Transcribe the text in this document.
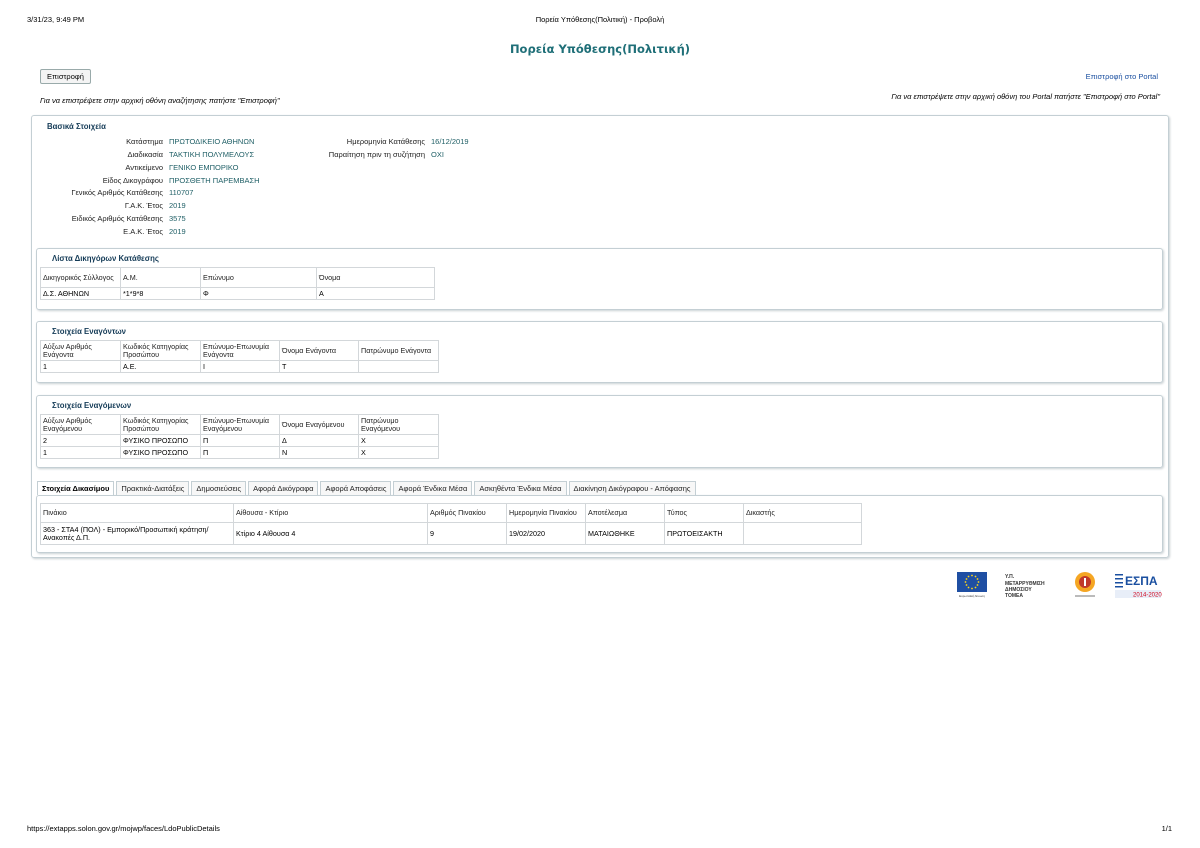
3/31/23, 9:49 PM	Πορεία Υπόθεσης(Πολιτική) - Προβολή
Πορεία Υπόθεσης(Πολιτική)
Επιστροφή	Επιστροφή στο Portal
Για να επιστρέψετε στην αρχική οθόνη αναζήτησης πατήστε "Επιστροφή"	Για να επιστρέψετε στην αρχική οθόνη του Portal πατήστε "Επιστροφή στο Portal"
Βασικά Στοιχεία
Κατάστημα ΠΡΩΤΟΔΙΚΕΙΟ ΑΘΗΝΩΝ
Διαδικασία ΤΑΚΤΙΚΗ ΠΟΛΥΜΕΛΟΥΣ
Αντικείμενο ΓΕΝΙΚΟ ΕΜΠΟΡΙΚΟ
Είδος Δικογράφου ΠΡΟΣΘΕΤΗ ΠΑΡΕΜΒΑΣΗ
Γενικός Αριθμός Κατάθεσης 110707
Γ.Α.Κ. Έτος 2019
Ειδικός Αριθμός Κατάθεσης 3575
Ε.Α.Κ. Έτος 2019
Ημερομηνία Κατάθεσης 16/12/2019
Παραίτηση πριν τη συζήτηση ΟΧΙ
Λίστα Δικηγόρων Κατάθεσης
Δικηγορικός Σύλλογος	Α.Μ.	Επώνυμο	Όνομα
Δ.Σ. ΑΘΗΝΩΝ	*1*9*8	Φ	Α
Στοιχεία Εναγόντων
Αύξων Αριθμός Ενάγοντα	Κωδικός Κατηγορίας Προσώπου	Επώνυμο-Επωνυμία Ενάγοντα	Όνομα Ενάγοντα	Πατρώνυμο Ενάγοντα
1	Α.Ε.	Ι	Τ	
Στοιχεία Εναγόμενων
Αύξων Αριθμός Εναγόμενου	Κωδικός Κατηγορίας Προσώπου	Επώνυμο-Επωνυμία Εναγόμενου	Όνομα Εναγόμενου	Πατρώνυμο Εναγόμενου
2	ΦΥΣΙΚΟ ΠΡΟΣΩΠΟ	Π	Δ	Χ
1	ΦΥΣΙΚΟ ΠΡΟΣΩΠΟ	Π	Ν	Χ
Πινάκιο	Αίθουσα - Κτίριο	Αριθμός Πινακίου	Ημερομηνία Πινακίου	Αποτέλεσμα	Τύπος	Δικαστής
363 - ΣΤΑ4 (ΠΟΛ) - Εμπορικό/Προσωπική κράτηση/Ανακοπές Δ.Π.	Κτίριο 4 Αίθουσα 4	9	19/02/2020	ΜΑΤΑΙΩΘΗΚΕ	ΠΡΩΤΟΕΙΣΑΚΤΗ	
Στοιχεία Δικασίμου	Πρακτικά-Διατάξεις	Δημοσιεύσεις	Αφορά Δικόγραφα	Αφορά Αποφάσεις	Αφορά Ένδικα Μέσα	Ασκηθέντα Ένδικα Μέσα	Διακίνηση Δικόγραφου - Απόφασης
Ευρωπαϊκή Ένωση
Υ.Π.
ΜΕΤΑΡΡΥΘΜΙΣΗ
ΔΗΜΟΣΙΟΥ
ΤΟΜΕΑ
ΕΣΠΑ
2014-2020
https://extapps.solon.gov.gr/mojwp/faces/LdoPublicDetails	1/1
